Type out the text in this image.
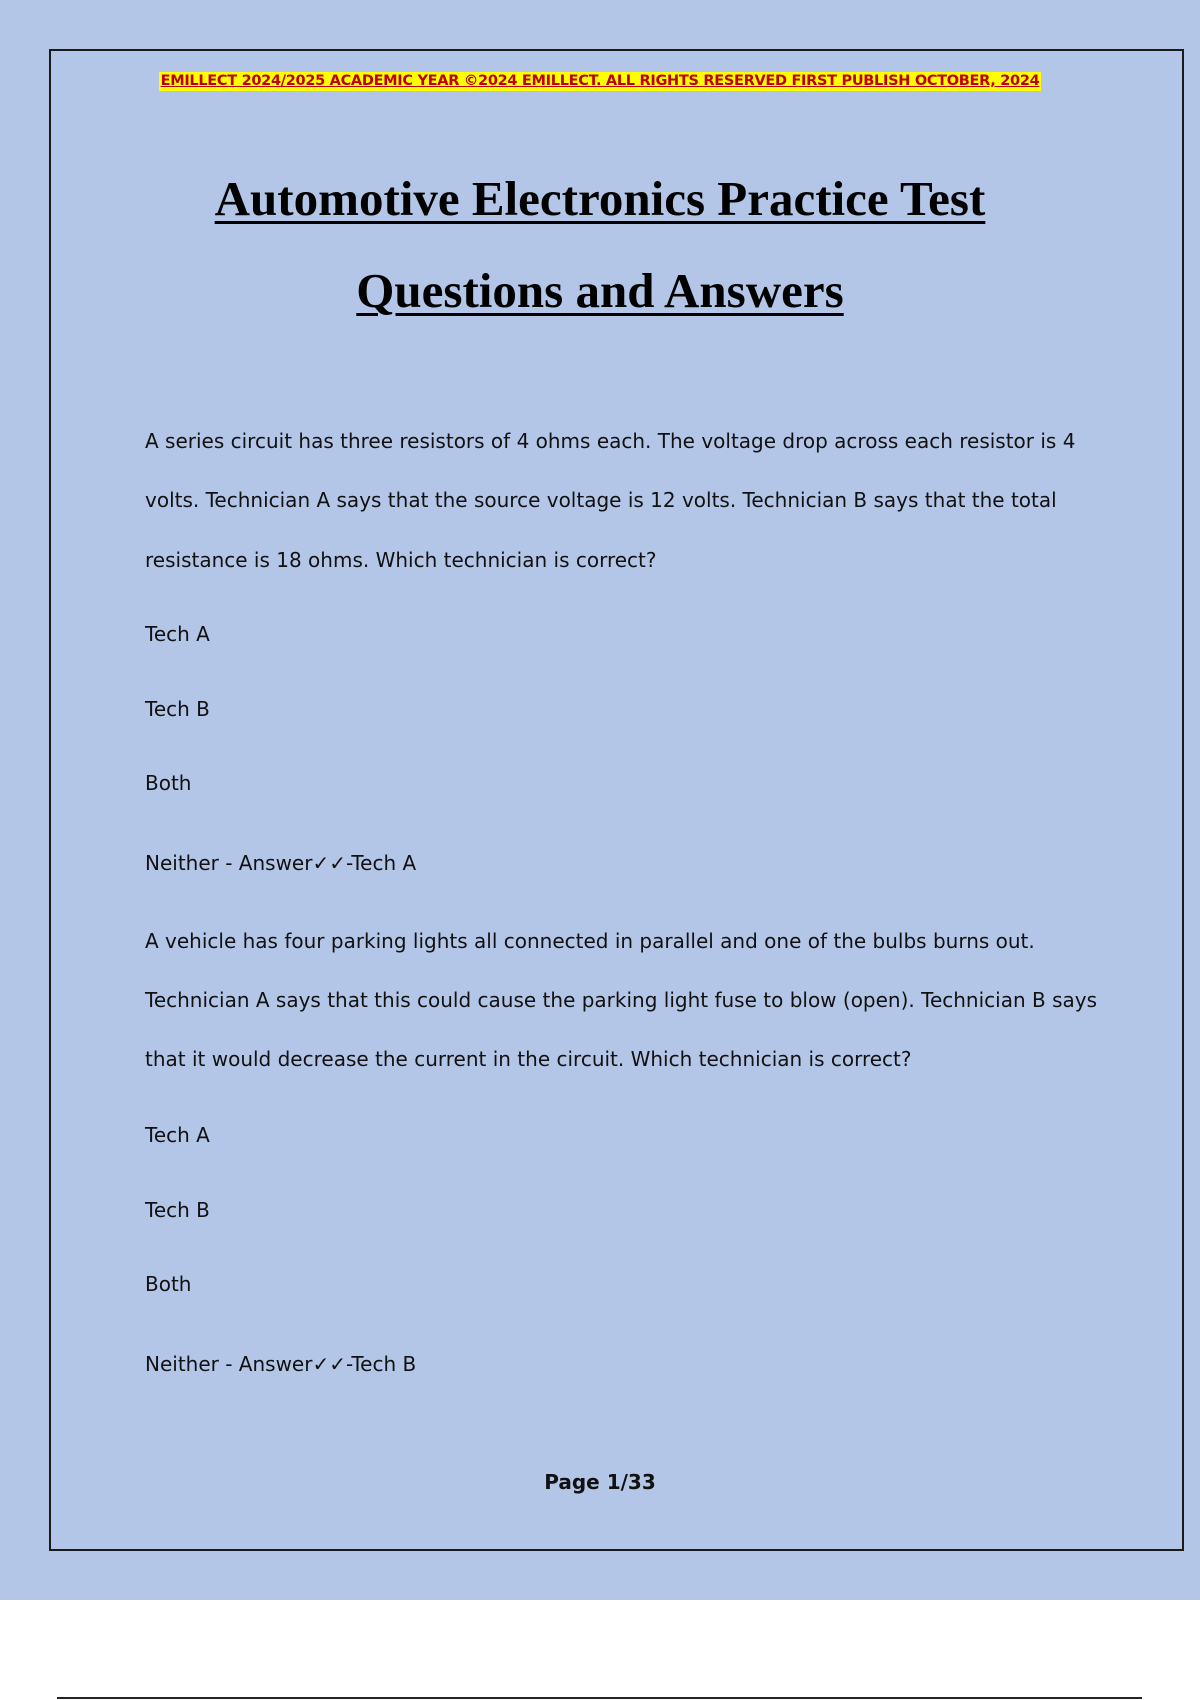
EMILLECT 2024/2025 ACADEMIC YEAR ©2024 EMILLECT. ALL RIGHTS RESERVED FIRST PUBLISH OCTOBER, 2024
Automotive Electronics Practice Test
Questions and Answers

A series circuit has three resistors of 4 ohms each. The voltage drop across each resistor is 4

volts. Technician A says that the source voltage is 12 volts. Technician B says that the total

resistance is 18 ohms. Which technician is correct?

Tech A

Tech B

Both

Neither - Answer✓✓-Tech A

A vehicle has four parking lights all connected in parallel and one of the bulbs burns out.

Technician A says that this could cause the parking light fuse to blow (open). Technician B says

that it would decrease the current in the circuit. Which technician is correct?

Tech A

Tech B

Both

Neither - Answer✓✓-Tech B

Page 1/33
